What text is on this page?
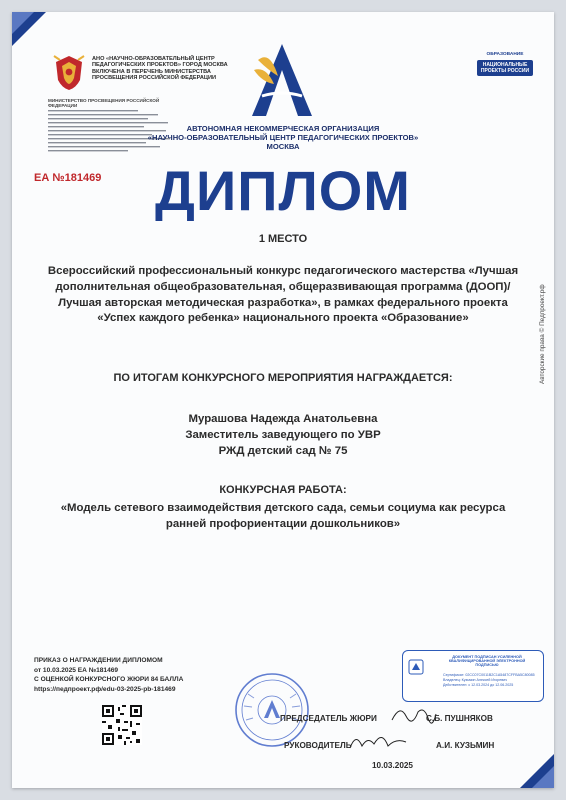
АНО «НАУЧНО-ОБРАЗОВАТЕЛЬНЫЙ ЦЕНТР ПЕДАГОГИЧЕСКИХ ПРОЕКТОВ» ГОРОД МОСКВА ВКЛЮЧЕНА В ПЕРЕЧЕНЬ МИНИСТЕРСТВА ПРОСВЕЩЕНИЯ РОССИЙСКОЙ ФЕДЕРАЦИИ
МИНИСТЕРСТВО ПРОСВЕЩЕНИЯ РОССИЙСКОЙ ФЕДЕРАЦИИ
ОБРАЗОВАНИЕ
НАЦИОНАЛЬНЫЕ ПРОЕКТЫ РОССИИ
АВТОНОМНАЯ НЕКОММЕРЧЕСКАЯ ОРГАНИЗАЦИЯ
«НАУЧНО-ОБРАЗОВАТЕЛЬНЫЙ ЦЕНТР ПЕДАГОГИЧЕСКИХ ПРОЕКТОВ»
МОСКВА
ЕА №181469 ДИПЛОМ
1 МЕСТО
Всероссийский профессиональный конкурс педагогического мастерства «Лучшая дополнительная общеобразовательная, общеразвивающая программа (ДООП)/Лучшая авторская методическая разработка», в рамках федерального проекта «Успех каждого ребенка» национального проекта «Образование»
ПО ИТОГАМ КОНКУРСНОГО МЕРОПРИЯТИЯ НАГРАЖДАЕТСЯ:
Мурашова Надежда Анатольевна
Заместитель заведующего по УВР
РЖД детский сад № 75
КОНКУРСНАЯ РАБОТА:
«Модель сетевого взаимодействия детского сада, семьи социума как ресурса ранней профориентации дошкольников»
Авторские права © Педпроект.рф
ПРИКАЗ О НАГРАЖДЕНИИ ДИПЛОМОМ
от 10.03.2025 ЕА №181469
С ОЦЕНКОЙ КОНКУРСНОГО ЖЮРИ 84 БАЛЛА
https://педпроект.рф/edu-03-2025-pb-181469
ДОКУМЕНТ ПОДПИСАН УСИЛЕННОЙ КВАЛИФИЦИРОВАННОЙ ЭЛЕКТРОННОЙ ПОДПИСЬЮ
Сертификат: 02CC07C0011B2C1A5487CFFBA5C80085
Владелец: Кузьмин Алексей Игоревич
Действителен: с 12.03.2024 до 12.06.2025
ПРЕДСЕДАТЕЛЬ ЖЮРИ	С.Б. ПУШНЯКОВ
РУКОВОДИТЕЛЬ	А.И. КУЗЬМИН
10.03.2025
